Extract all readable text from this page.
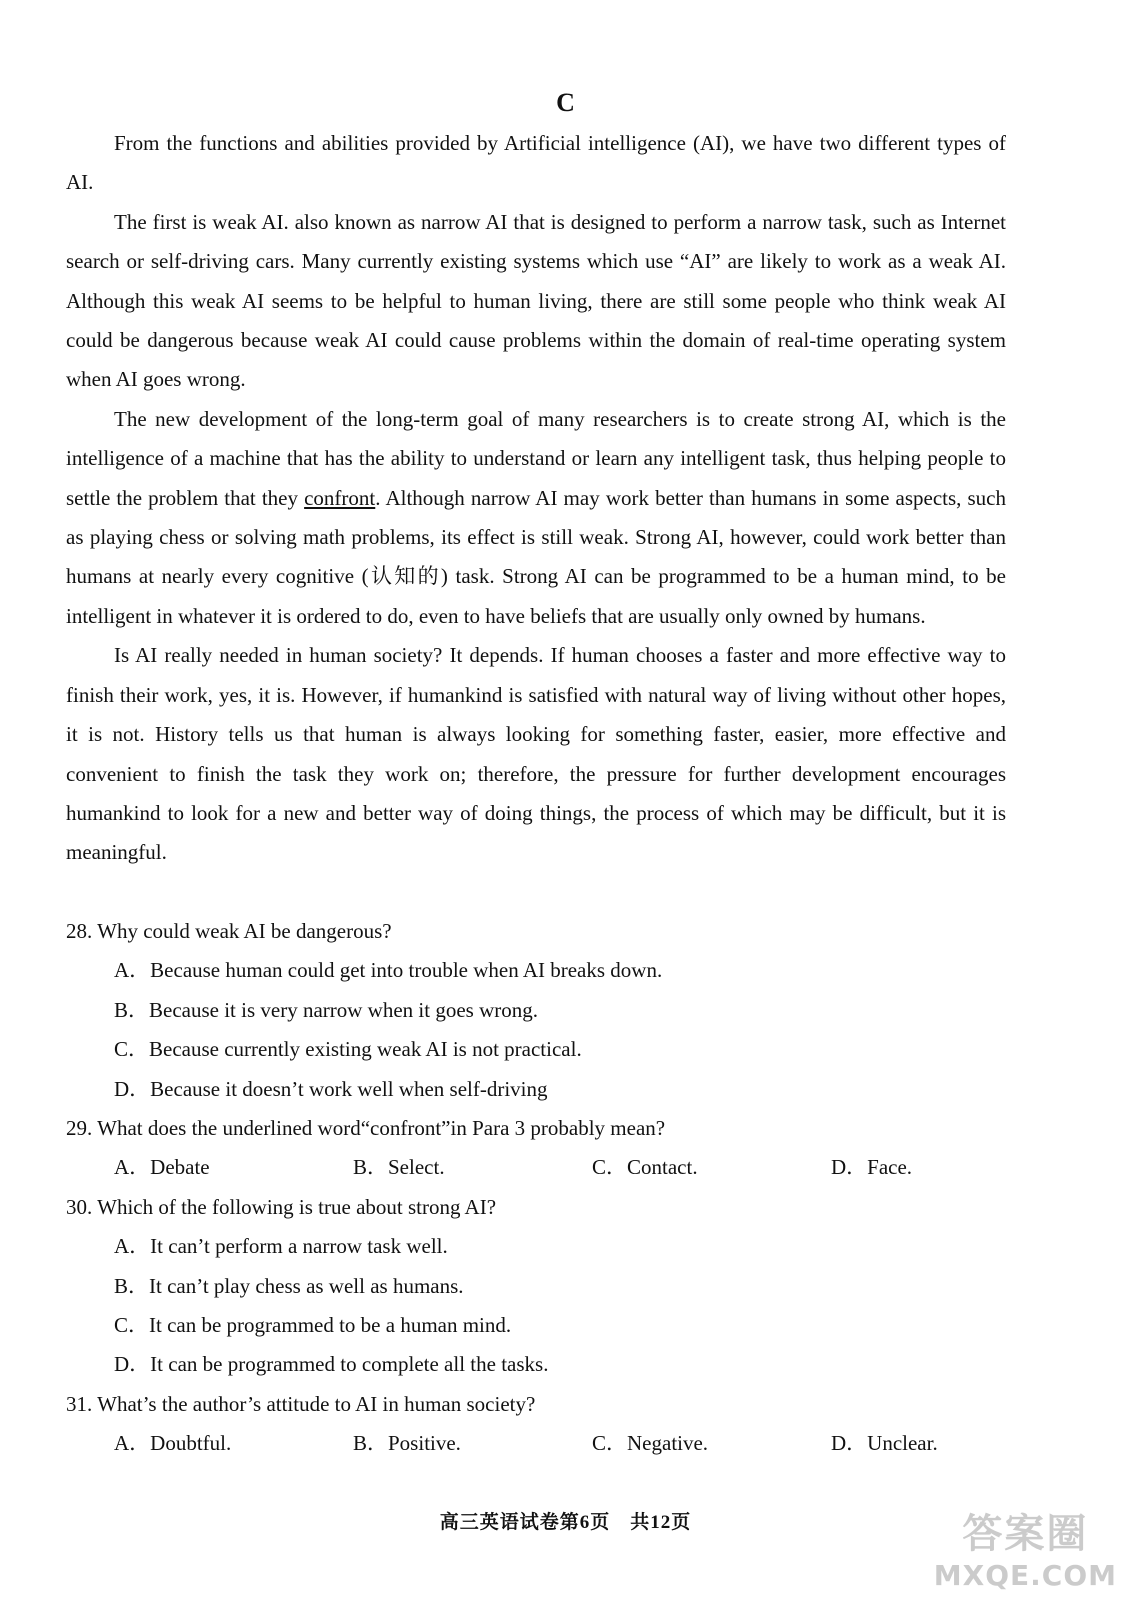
C

From the functions and abilities provided by Artificial intelligence (AI), we have two different types of AI.

The first is weak AI. also known as narrow AI that is designed to perform a narrow task, such as Internet search or self-driving cars. Many currently existing systems which use “AI” are likely to work as a weak AI. Although this weak AI seems to be helpful to human living, there are still some people who think weak AI could be dangerous because weak AI could cause problems within the domain of real-time operating system when AI goes wrong.

The new development of the long-term goal of many researchers is to create strong AI, which is the intelligence of a machine that has the ability to understand or learn any intelligent task, thus helping people to settle the problem that they confront. Although narrow AI may work better than humans in some aspects, such as playing chess or solving math problems, its effect is still weak. Strong AI, however, could work better than humans at nearly every cognitive (认知的) task. Strong AI can be programmed to be a human mind, to be intelligent in whatever it is ordered to do, even to have beliefs that are usually only owned by humans.

Is AI really needed in human society? It depends. If human chooses a faster and more effective way to finish their work, yes, it is. However, if humankind is satisfied with natural way of living without other hopes, it is not. History tells us that human is always looking for something faster, easier, more effective and convenient to finish the task they work on; therefore, the pressure for further development encourages humankind to look for a new and better way of doing things, the process of which may be difficult, but it is meaningful.

28. Why could weak AI be dangerous?

A．Because human could get into trouble when AI breaks down.

B．Because it is very narrow when it goes wrong.

C．Because currently existing weak AI is not practical.

D．Because it doesn’t work well when self-driving

29. What does the underlined word“confront”in Para 3 probably mean?

A．Debate	B．Select.	C．Contact.	D．Face.

30. Which of the following is true about strong AI?

A．It can’t perform a narrow task well.

B．It can’t play chess as well as humans.

C．It can be programmed to be a human mind.

D．It can be programmed to complete all the tasks.

31. What’s the author’s attitude to AI in human society?

A．Doubtful.	B．Positive.	C．Negative.	D．Unclear.
高三英语试卷第6页　共12页	答案圈
MXQE.COM
